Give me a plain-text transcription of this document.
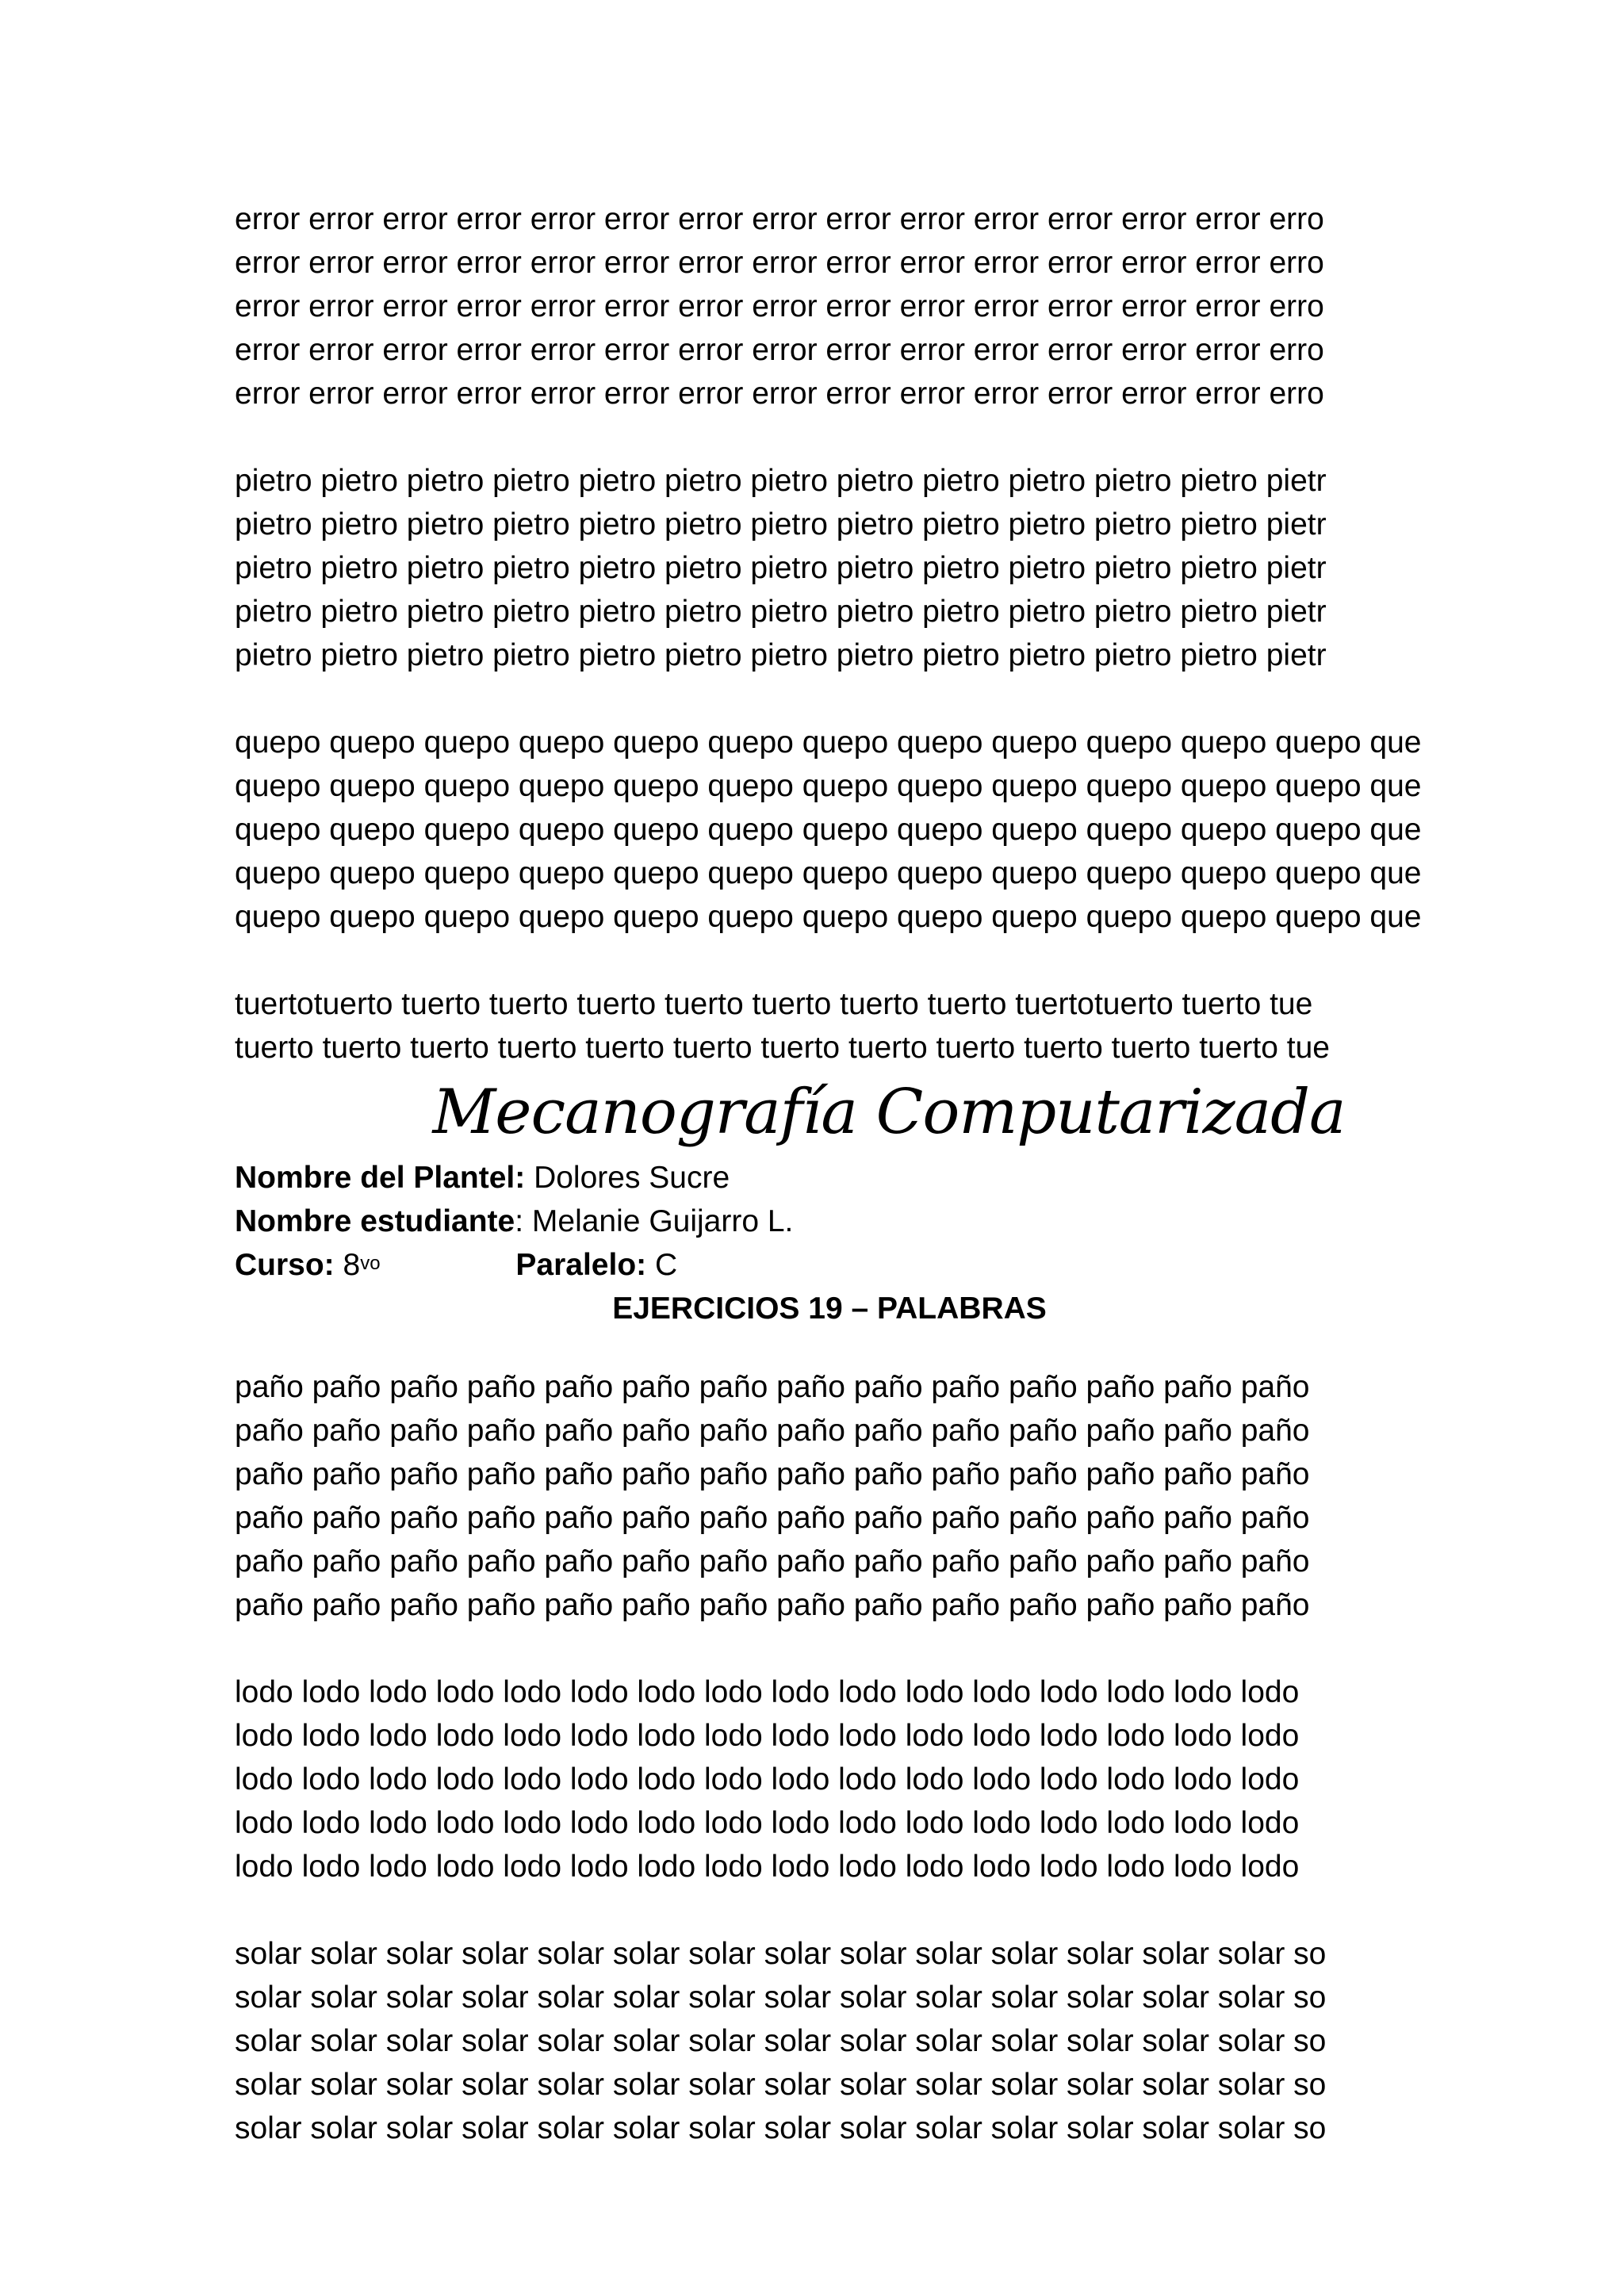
error error error error error error error error error error error error error error erro
error error error error error error error error error error error error error error erro
error error error error error error error error error error error error error error erro
error error error error error error error error error error error error error error erro
error error error error error error error error error error error error error error erro
pietro pietro pietro pietro pietro pietro pietro pietro pietro pietro pietro pietro pietr
pietro pietro pietro pietro pietro pietro pietro pietro pietro pietro pietro pietro pietr
pietro pietro pietro pietro pietro pietro pietro pietro pietro pietro pietro pietro pietr
pietro pietro pietro pietro pietro pietro pietro pietro pietro pietro pietro pietro pietr
pietro pietro pietro pietro pietro pietro pietro pietro pietro pietro pietro pietro pietr
quepo quepo quepo quepo quepo quepo quepo quepo quepo quepo quepo quepo que
quepo quepo quepo quepo quepo quepo quepo quepo quepo quepo quepo quepo que
quepo quepo quepo quepo quepo quepo quepo quepo quepo quepo quepo quepo que
quepo quepo quepo quepo quepo quepo quepo quepo quepo quepo quepo quepo que
quepo quepo quepo quepo quepo quepo quepo quepo quepo quepo quepo quepo que
tuertotuerto tuerto tuerto tuerto tuerto tuerto tuerto tuerto tuertotuerto tuerto tue
tuerto tuerto tuerto tuerto tuerto tuerto tuerto tuerto tuerto tuerto tuerto tuerto tue
Mecanografía Computarizada
Nombre del Plantel: Dolores Sucre
Nombre estudiante: Melanie Guijarro L.
Curso: $8^{vo}$	Paralelo: C
EJERCICIOS 19 – PALABRAS
paño paño paño paño paño paño paño paño paño paño paño paño paño paño
paño paño paño paño paño paño paño paño paño paño paño paño paño paño
paño paño paño paño paño paño paño paño paño paño paño paño paño paño
paño paño paño paño paño paño paño paño paño paño paño paño paño paño
paño paño paño paño paño paño paño paño paño paño paño paño paño paño
paño paño paño paño paño paño paño paño paño paño paño paño paño paño
lodo lodo lodo lodo lodo lodo lodo lodo lodo lodo lodo lodo lodo lodo lodo lodo
lodo lodo lodo lodo lodo lodo lodo lodo lodo lodo lodo lodo lodo lodo lodo lodo
lodo lodo lodo lodo lodo lodo lodo lodo lodo lodo lodo lodo lodo lodo lodo lodo
lodo lodo lodo lodo lodo lodo lodo lodo lodo lodo lodo lodo lodo lodo lodo lodo
lodo lodo lodo lodo lodo lodo lodo lodo lodo lodo lodo lodo lodo lodo lodo lodo
solar solar solar solar solar solar solar solar solar solar solar solar solar solar so
solar solar solar solar solar solar solar solar solar solar solar solar solar solar so
solar solar solar solar solar solar solar solar solar solar solar solar solar solar so
solar solar solar solar solar solar solar solar solar solar solar solar solar solar so
solar solar solar solar solar solar solar solar solar solar solar solar solar solar so
